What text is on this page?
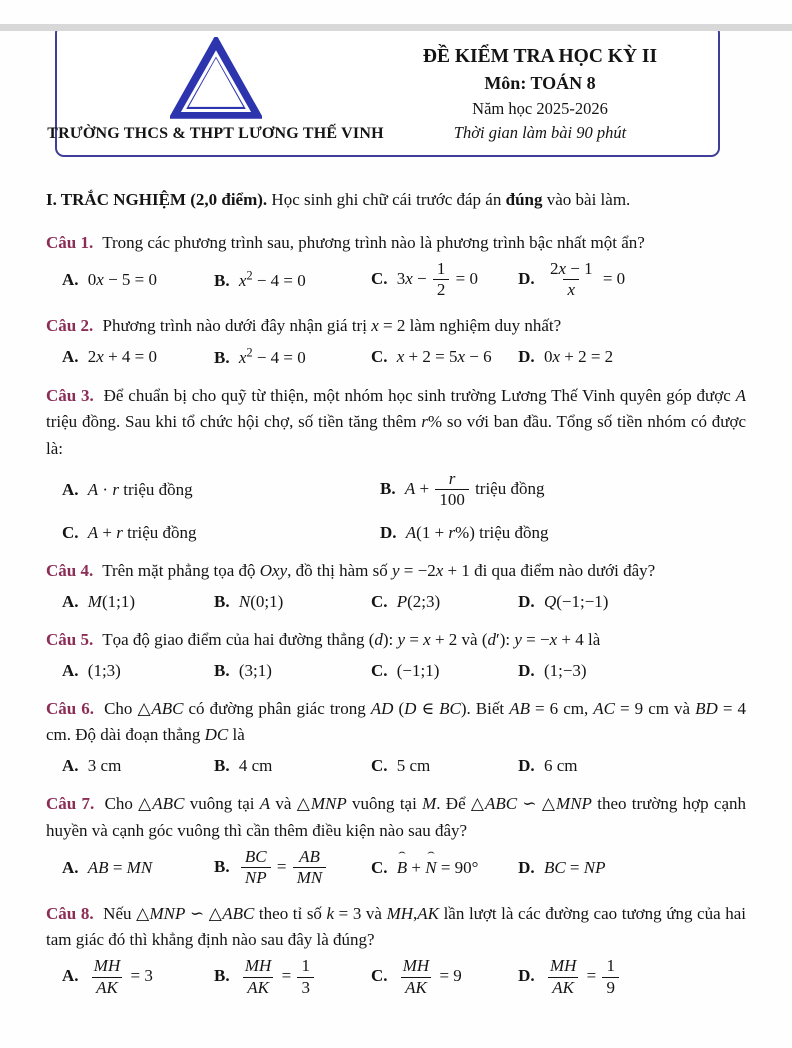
TRƯỜNG THCS & THPT LƯƠNG THẾ VINH
ĐỀ KIỂM TRA HỌC KỲ II
Môn: TOÁN 8
Năm học 2025-2026
Thời gian làm bài 90 phút

I. TRẮC NGHIỆM (2,0 điểm). Học sinh ghi chữ cái trước đáp án đúng vào bài làm.

Câu 1. Trong các phương trình sau, phương trình nào là phương trình bậc nhất một ẩn?

A. 0x − 5 = 0	B. $x^2 - 4 = 0$	C. $3x - \frac{1}{2} = 0$	D. $\frac{2x - 1}{x} = 0$

Câu 2. Phương trình nào dưới đây nhận giá trị x = 2 làm nghiệm duy nhất?

A. 2x + 4 = 0	B. $x^2 - 4 = 0$	C. x + 2 = 5x − 6	D. 0x + 2 = 2

Câu 3. Để chuẩn bị cho quỹ từ thiện, một nhóm học sinh trường Lương Thế Vinh quyên góp được A triệu đồng. Sau khi tổ chức hội chợ, số tiền tăng thêm r% so với ban đầu. Tổng số tiền nhóm có được là:

A. A · r triệu đồng	B. $A + \frac{r}{100}$ triệu đồng
C. A + r triệu đồng	D. A(1 + r%) triệu đồng

Câu 4. Trên mặt phẳng tọa độ Oxy, đồ thị hàm số y = −2x + 1 đi qua điểm nào dưới đây?

A. M(1;1)	B. N(0;1)	C. P(2;3)	D. Q(−1;−1)

Câu 5. Tọa độ giao điểm của hai đường thẳng (d): y = x + 2 và (d′): y = −x + 4 là

A. (1;3)	B. (3;1)	C. (−1;1)	D. (1;−3)

Câu 6. Cho △ABC có đường phân giác trong AD (D ∈ BC). Biết AB = 6 cm, AC = 9 cm và BD = 4 cm. Độ dài đoạn thẳng DC là

A. 3 cm	B. 4 cm	C. 5 cm	D. 6 cm

Câu 7. Cho △ABC vuông tại A và △MNP vuông tại M. Để △ABC ∽ △MNP theo trường hợp cạnh huyền và cạnh góc vuông thì cần thêm điều kiện nào sau đây?

A. AB = MN	B. $\frac{BC}{NP} = \frac{AB}{MN}$	C. ˆ B + ˆ N = 90°	D. BC = NP

Câu 8. Nếu △MNP ∽ △ABC theo tỉ số k = 3 và MH,AK lần lượt là các đường cao tương ứng của hai tam giác đó thì khẳng định nào sau đây là đúng?

A. $\frac{MH}{AK} = 3$	B. $\frac{MH}{AK} = \frac{1}{3}$	C. $\frac{MH}{AK} = 9$	D. $\frac{MH}{AK} = \frac{1}{9}$
